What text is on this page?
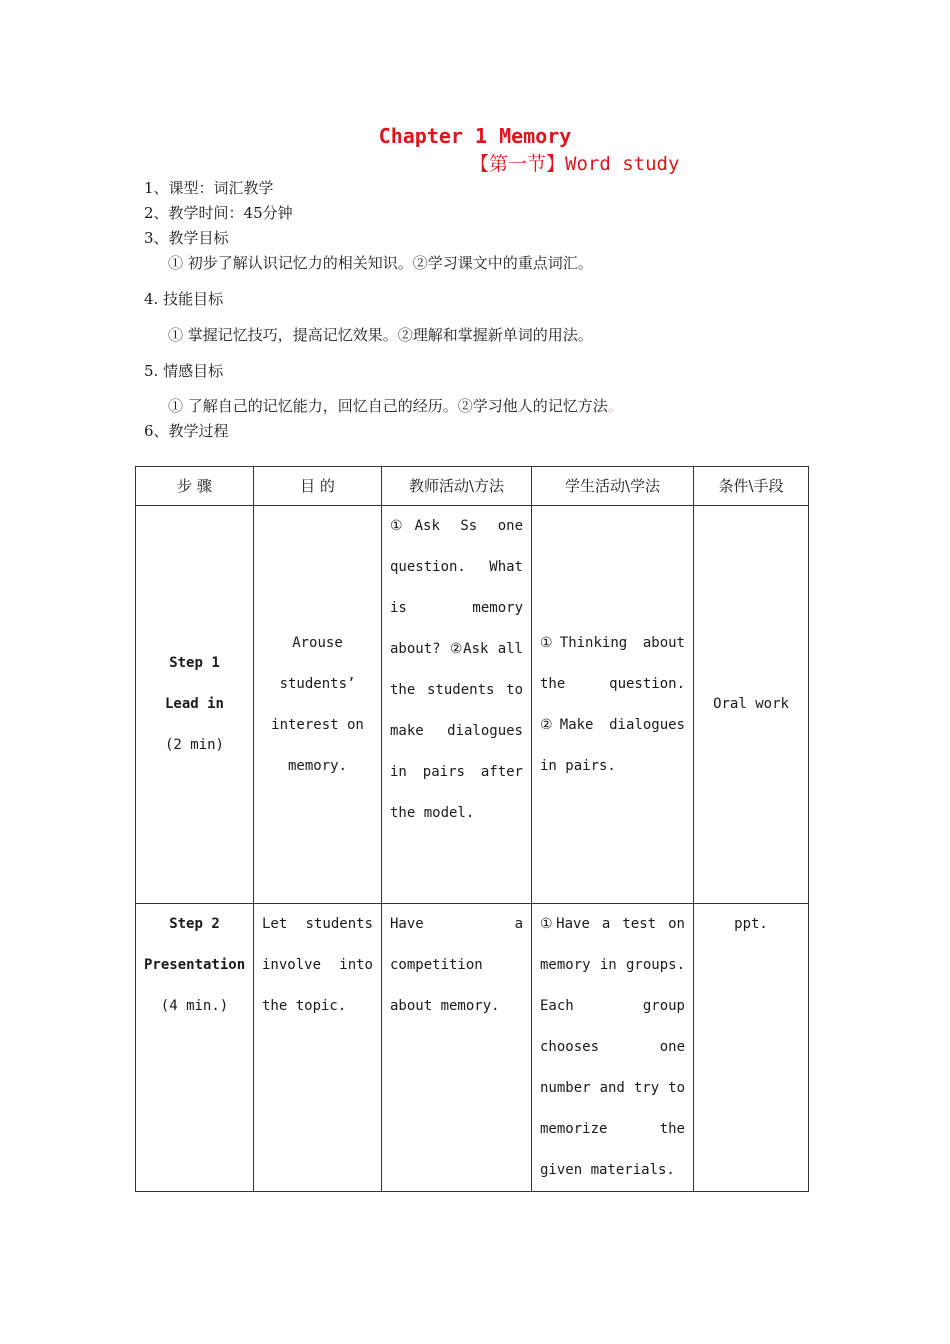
Chapter 1 Memory
【第一节】Word study
1、课型：词汇教学
2、教学时间：45分钟
3、教学目标
① 初步了解认识记忆力的相关知识。②学习课文中的重点词汇。
4. 技能目标
① 掌握记忆技巧，提高记忆效果。②理解和掌握新单词的用法。
5. 情感目标
① 了解自己的记忆能力，回忆自己的经历。②学习他人的记忆方法。
6、教学过程
步 骤	目 的	教师活动\方法	学生活动\学法	条件\手段

Step 1
Lead in
(2 min)	Arouse students’ interest on memory.	①Ask Ss one question. What is memory about? ②Ask all the students to make dialogues in pairs after the model.	①Thinking about the question. ②Make dialogues in pairs.	Oral work

Step 2
Presentation
(4 min.)	Let students involve into the topic.	Have a competition about memory.	①Have a test on memory in groups. Each group chooses one number and try to memorize the given materials.	ppt.
